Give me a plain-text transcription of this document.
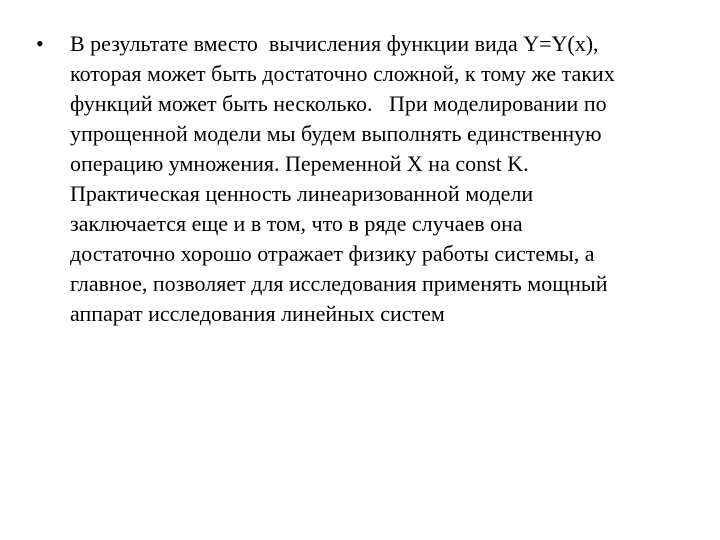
•	В результате вместо  вычисления функции вида Y=Y(x),
которая может быть достаточно сложной, к тому же таких
функций может быть несколько.   При моделировании по
упрощенной модели мы будем выполнять единственную
операцию умножения. Переменной X на const K.
Практическая ценность линеаризованной модели
заключается еще и в том, что в ряде случаев она
достаточно хорошо отражает физику работы системы, а
главное, позволяет для исследования применять мощный
аппарат исследования линейных систем
